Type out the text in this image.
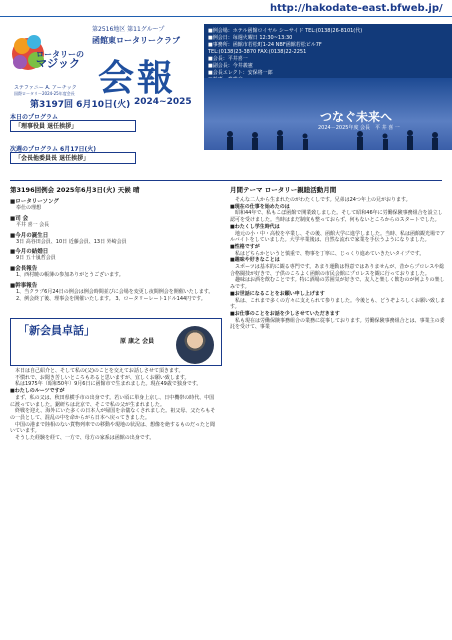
http://hakodate-east.bfweb.jp/
ロータリーの
マジック
ステファニー A. アーチック
国際ロータリー2024-25年度会長
第2516地区 第11グループ
函館東ロータリークラブ
会報
第3197回 6月10日(火) 2024~2025
■例会場：ホテル函館ロイヤル シーサイド TEL:(0138)26-8101(代)
■例会日：毎週火曜日 12:30~13:30
■事務所：函館市若松町1-24 NBF函館若松ビル7F
TEL:(0138)23-3870 FAX:(0138)22-2251
■会長：平井喜一
■副会長：今井義憲
■会長エレクト：安保将一郎
つなぐ未来へ
2024－2025年度 会長　平 井 喜 一
本日のプログラム
「理事役員 退任挨拶」
次週のプログラム 6月17日(火)
「会長他委員長 退任挨拶」
第3196回例会 2025年6月3日(火) 天候 晴
■ロータリーソング
奉仕の理想
■司 会
平井 喜一 会長
■今月の誕生日
3日 高谷田会員、10日 近藤会員、13日 外崎会員
■今月の結婚日
9日 五十嵐哲会員
■会長報告
1、西村暁の帳簿の参加ありがとうございます。
■幹事報告
1、当クラブ6月24日の例会は例会時間並びに会場を変更し夜間例会を開催いたします。 2、例会終了後、理事会を開催いたします。 3、ロータリーレート1ドル144円です。
「新会員卓話」
原 康之 会員
本日は自己紹介と、そして私の(父)のことを交えてお話しさせて頂きます。
不慣れで、お聞き苦しいところもあると思いますが、宜しくお願い致します。
私は1975年（昭和50年）9月6日に函館市で生まれました。現在49歳で独身です。
■わたしのルーツですが
まず、私の父は、秋田県横手市の出身です。若い頃に単身上京し、日中機帯の時代、中国に渡っていました。鋸研ちは北京で、そこで私の父が生まれました。
終戦を迎え、海外にいた多くの日本人が帰国を余儀なくされました。祖父母、父たちもその一員として、混乱の中を命からがら日本へ戻ってきました。
中国の港まで陸相のない貨物列車での移動や現地の状況は、想像を絶するものだったと聞いています。
そうした経験を経て、一方で、母方の家系は函館の出身です。
月間テーマ ロータリー親睦活動月間
そんな二人から生まれたのがわたくしです。兄弟は24つ年上の兄がおります。
■現在の仕事を始めたのは
昭和44年で、私もこぼ函館で開業致しました。そして昭和46年に労働保険事務組合を設立し認可を受けました。当時はまだ制度も整っておらず、何もないところからのスタートでした。
■わたくし学生時代は
地元の小・中・高校を卒業し、その後、函館大学に進学しました。当時、私は函館観光場でアルバイトをしていました。大学卒業後は、自然な流れで家業を手伝うようになりました。
■性格ですが
私はどちらかというと慎重で、物事を丁寧に、じっくり進めていきたいタイプです。
■趣味や好きなことは
スポーツは基本的に観る専門です。あまり運動は得意ではありませんが、昔からプロレスや総合格闘技が好きで、子供のころよく函館の市民会館にプロレスを観に行っておりました。
趣味はお酒を飲むことです。特に酒場の雰囲気が好きで、友人と楽しく飲むのが何よりの楽しみです。
■お世話になることをお願い申し上げます
私は、これまで多くの方々に支えられて参りました。今後とも、どうぞよろしくお願い致します。
■お仕事のことをお話を少しさせていただきます
私も現在は労働保険事務組合の業務に従事しております。労働保険事務組合とは、事業主の委託を受けて、事業
